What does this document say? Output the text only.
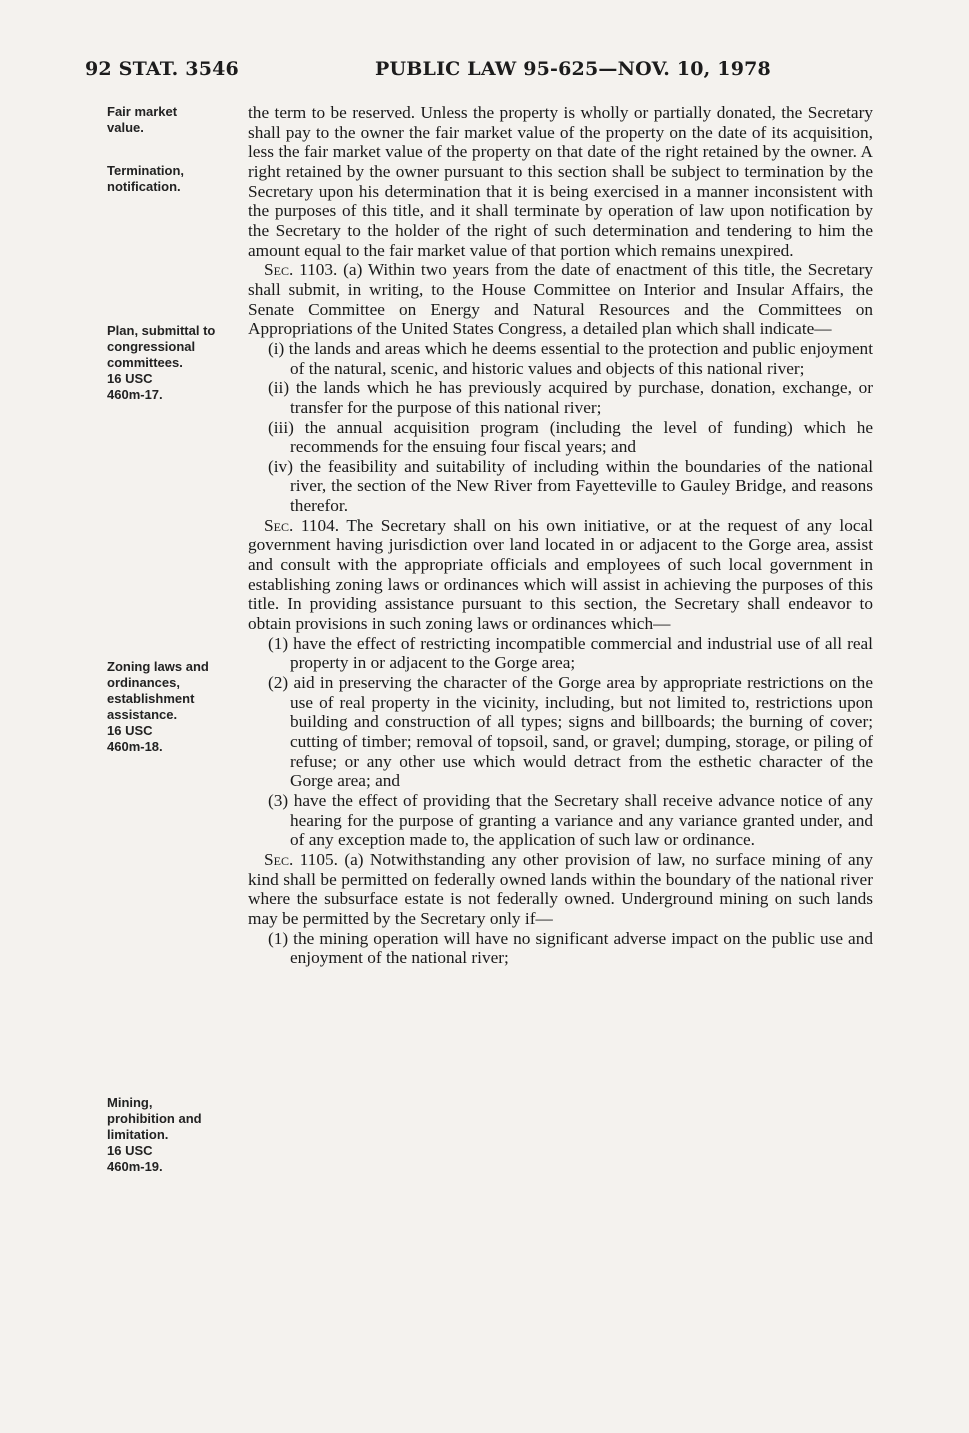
92 STAT. 3546	PUBLIC LAW 95-625—NOV. 10, 1978
Fair market
value.
Termination,
notification.
Plan, submittal to
congressional
committees.
16 USC
460m-17.
Zoning laws and
ordinances,
establishment
assistance.
16 USC
460m-18.
Mining,
prohibition and
limitation.
16 USC
460m-19.

the term to be reserved. Unless the property is wholly or partially donated, the Secretary shall pay to the owner the fair market value of the property on the date of its acquisition, less the fair market value of the property on that date of the right retained by the owner. A right retained by the owner pursuant to this section shall be subject to termination by the Secretary upon his determination that it is being exercised in a manner inconsistent with the purposes of this title, and it shall terminate by operation of law upon notification by the Secretary to the holder of the right of such determination and tendering to him the amount equal to the fair market value of that portion which remains unexpired.

Sec. 1103. (a) Within two years from the date of enactment of this title, the Secretary shall submit, in writing, to the House Committee on Interior and Insular Affairs, the Senate Committee on Energy and Natural Resources and the Committees on Appropriations of the United States Congress, a detailed plan which shall indicate—

(i) the lands and areas which he deems essential to the protection and public enjoyment of the natural, scenic, and historic values and objects of this national river;

(ii) the lands which he has previously acquired by purchase, donation, exchange, or transfer for the purpose of this national river;

(iii) the annual acquisition program (including the level of funding) which he recommends for the ensuing four fiscal years; and

(iv) the feasibility and suitability of including within the boundaries of the national river, the section of the New River from Fayetteville to Gauley Bridge, and reasons therefor.

Sec. 1104. The Secretary shall on his own initiative, or at the request of any local government having jurisdiction over land located in or adjacent to the Gorge area, assist and consult with the appropriate officials and employees of such local government in establishing zoning laws or ordinances which will assist in achieving the purposes of this title. In providing assistance pursuant to this section, the Secretary shall endeavor to obtain provisions in such zoning laws or ordinances which—

(1) have the effect of restricting incompatible commercial and industrial use of all real property in or adjacent to the Gorge area;

(2) aid in preserving the character of the Gorge area by appropriate restrictions on the use of real property in the vicinity, including, but not limited to, restrictions upon building and construction of all types; signs and billboards; the burning of cover; cutting of timber; removal of topsoil, sand, or gravel; dumping, storage, or piling of refuse; or any other use which would detract from the esthetic character of the Gorge area; and

(3) have the effect of providing that the Secretary shall receive advance notice of any hearing for the purpose of granting a variance and any variance granted under, and of any exception made to, the application of such law or ordinance.

Sec. 1105. (a) Notwithstanding any other provision of law, no surface mining of any kind shall be permitted on federally owned lands within the boundary of the national river where the subsurface estate is not federally owned. Underground mining on such lands may be permitted by the Secretary only if—

(1) the mining operation will have no significant adverse impact on the public use and enjoyment of the national river;
